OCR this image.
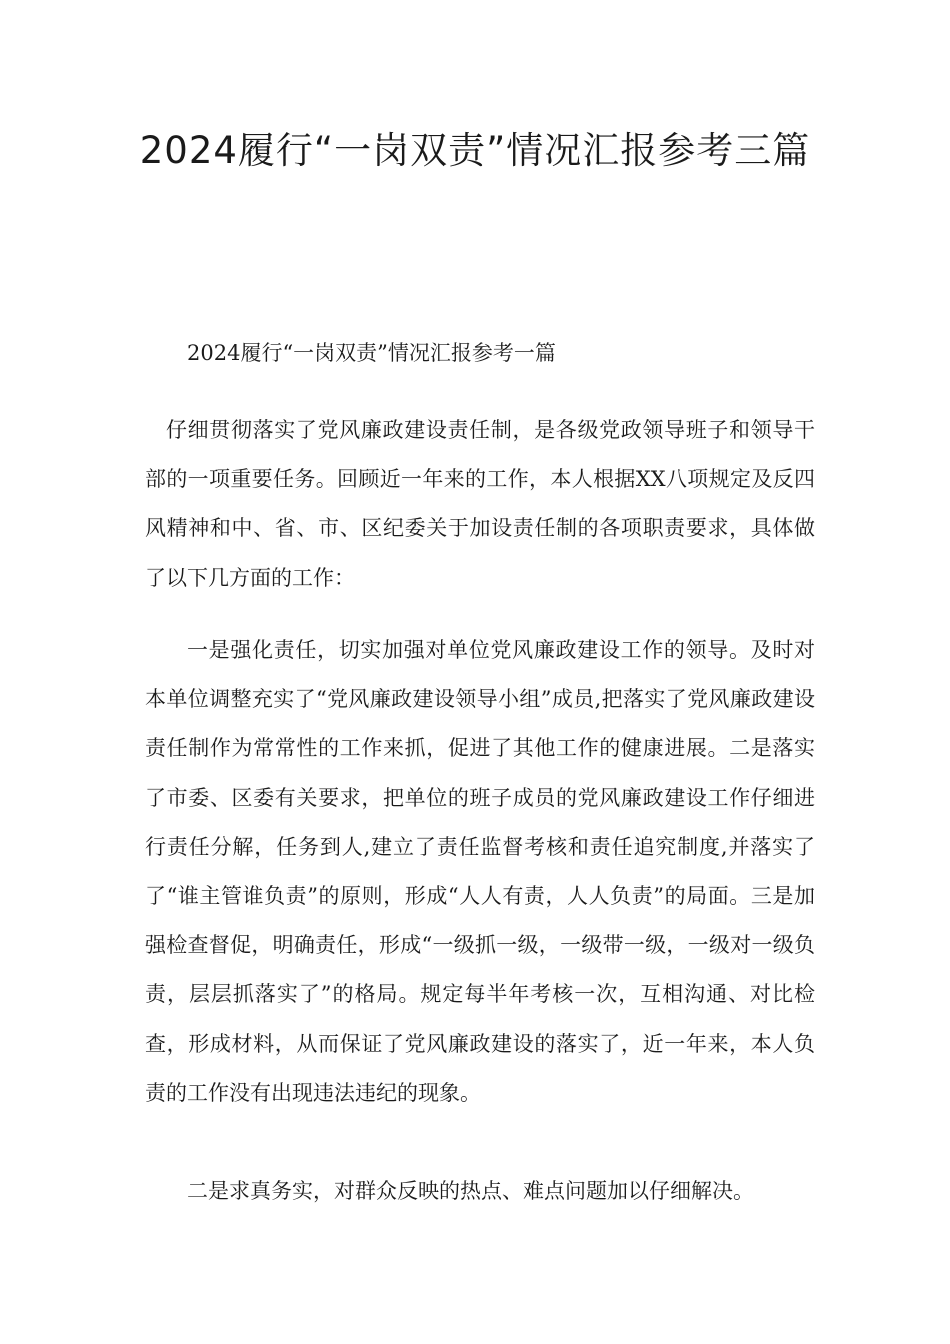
2024履行“一岗双责”情况汇报参考三篇

2024履行“一岗双责”情况汇报参考一篇

仔细贯彻落实了党风廉政建设责任制，是各级党政领导班子和领导干部的一项重要任务。回顾近一年来的工作，本人根据XX八项规定及反四风精神和中、省、市、区纪委关于加设责任制的各项职责要求，具体做了以下几方面的工作：

一是强化责任，切实加强对单位党风廉政建设工作的领导。及时对本单位调整充实了“党风廉政建设领导小组”成员,把落实了党风廉政建设责任制作为常常性的工作来抓，促进了其他工作的健康进展。二是落实了市委、区委有关要求，把单位的班子成员的党风廉政建设工作仔细进行责任分解，任务到人,建立了责任监督考核和责任追究制度,并落实了了“谁主管谁负责”的原则，形成“人人有责，人人负责”的局面。三是加强检查督促，明确责任，形成“一级抓一级，一级带一级，一级对一级负责，层层抓落实了”的格局。规定每半年考核一次，互相沟通、对比检查，形成材料，从而保证了党风廉政建设的落实了，近一年来，本人负责的工作没有出现违法违纪的现象。

二是求真务实，对群众反映的热点、难点问题加以仔细解决。
